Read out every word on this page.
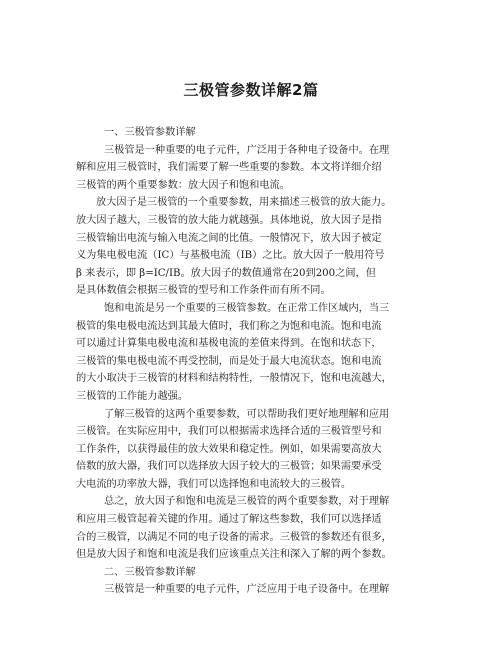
三极管参数详解2篇
一、三极管参数详解
三极管是一种重要的电子元件，广泛用于各种电子设备中。在理
解和应用三极管时，我们需要了解一些重要的参数。本文将详细介绍
三极管的两个重要参数：放大因子和饱和电流。
放大因子是三极管的一个重要参数，用来描述三极管的放大能力。
放大因子越大，三极管的放大能力就越强。具体地说，放大因子是指
三极管输出电流与输入电流之间的比值。一般情况下，放大因子被定
义为集电极电流（IC）与基极电流（IB）之比。放大因子一般用符号
β 来表示，即 β=IC/IB。放大因子的数值通常在20到200之间，但
是具体数值会根据三极管的型号和工作条件而有所不同。
饱和电流是另一个重要的三极管参数。在正常工作区域内，当三
极管的集电极电流达到其最大值时，我们称之为饱和电流。饱和电流
可以通过计算集电极电流和基极电流的差值来得到。在饱和状态下，
三极管的集电极电流不再受控制，而是处于最大电流状态。饱和电流
的大小取决于三极管的材料和结构特性，一般情况下，饱和电流越大，
三极管的工作能力越强。
了解三极管的这两个重要参数，可以帮助我们更好地理解和应用
三极管。在实际应用中，我们可以根据需求选择合适的三极管型号和
工作条件，以获得最佳的放大效果和稳定性。例如，如果需要高放大
倍数的放大器，我们可以选择放大因子较大的三极管；如果需要承受
大电流的功率放大器，我们可以选择饱和电流较大的三极管。
总之，放大因子和饱和电流是三极管的两个重要参数，对于理解
和应用三极管起着关键的作用。通过了解这些参数，我们可以选择适
合的三极管，以满足不同的电子设备的需求。三极管的参数还有很多，
但是放大因子和饱和电流是我们应该重点关注和深入了解的两个参数。
二、三极管参数详解
三极管是一种重要的电子元件，广泛应用于电子设备中。在理解
